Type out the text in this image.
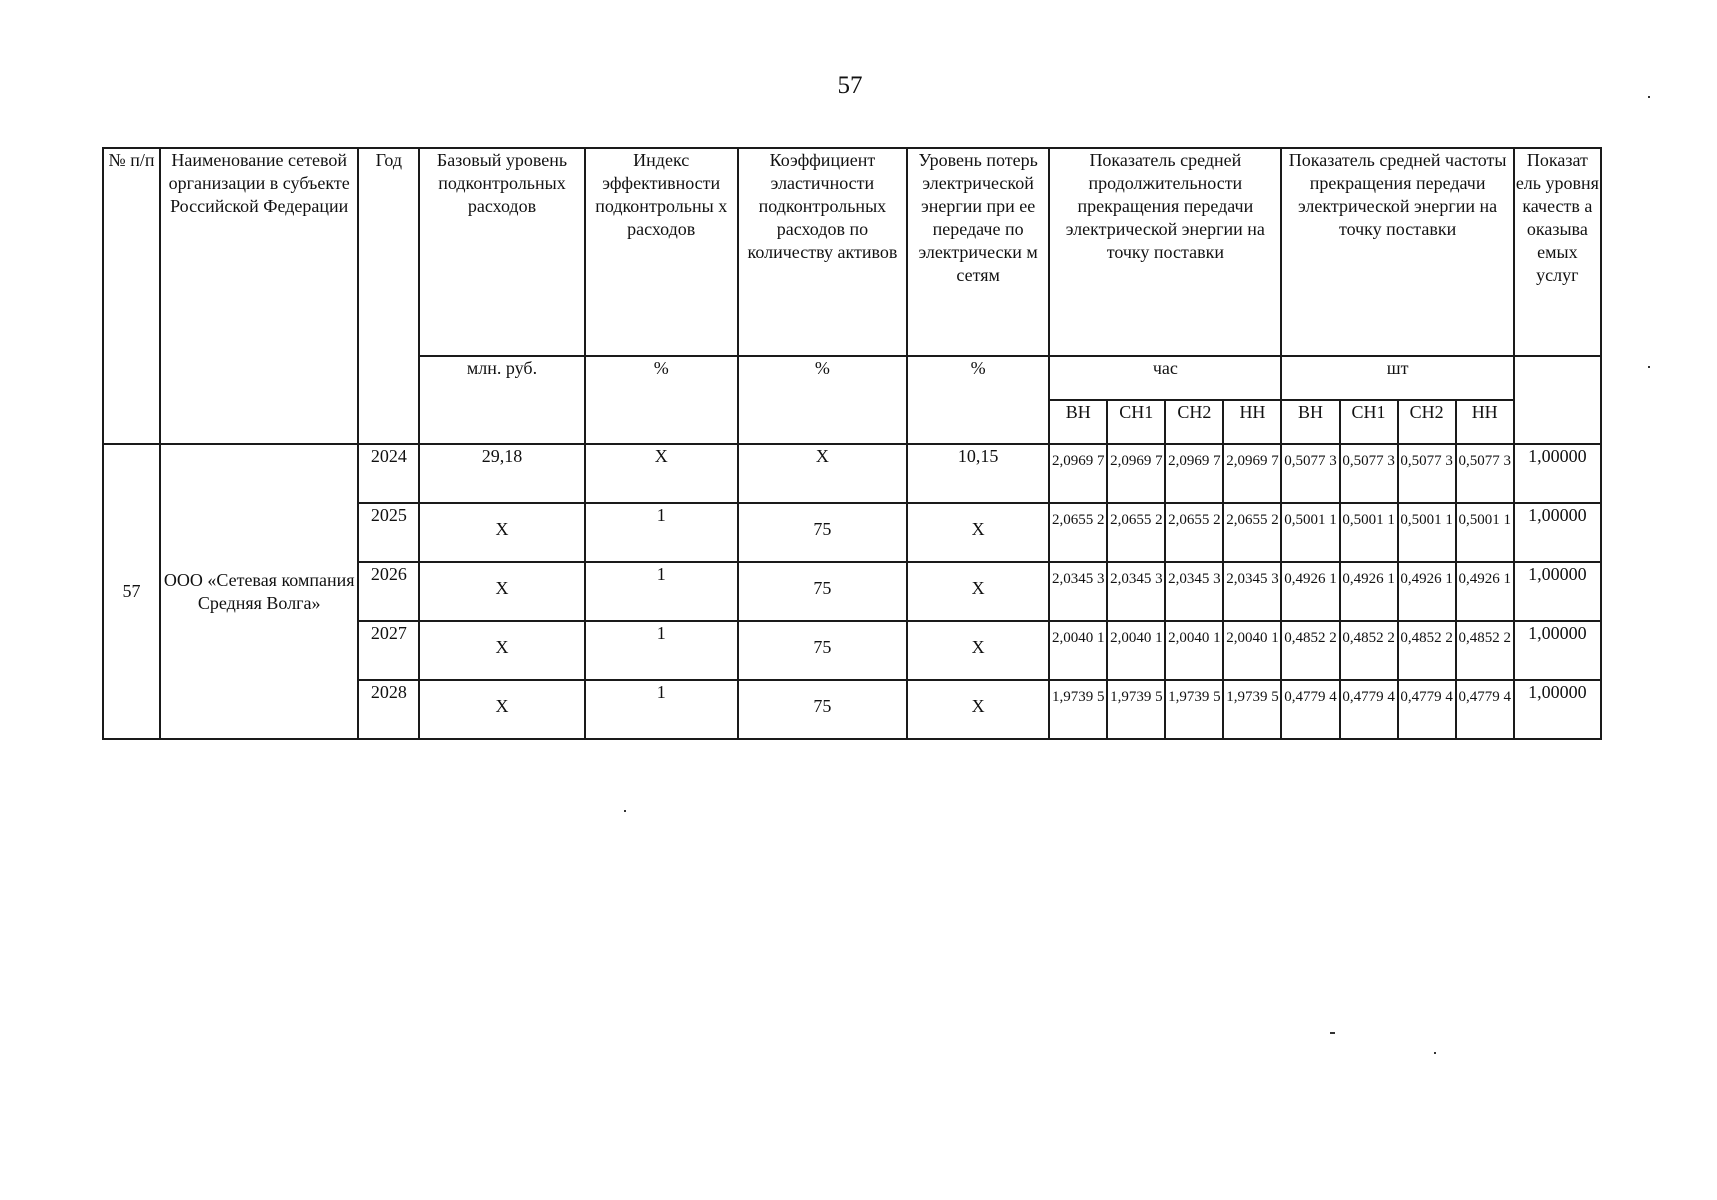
57
№ п/п	Наименование сетевой организации в субъекте Российской Федерации	Год	Базовый уровень подконтрольных расходов	Индекс эффективности подконтрольны х расходов	Коэффициент эластичности подконтрольных расходов по количеству активов	Уровень потерь электрической энергии при ее передаче по электрически м сетям	Показатель средней продолжительности прекращения передачи электрической энергии на точку поставки				Показатель средней частоты прекращения передачи электрической энергии на точку поставки				Показат ель уровня качеств а оказыва емых услуг
			млн. руб.	%	%	%	час				шт				
							ВН	СН1	СН2	НН	ВН	СН1	СН2	НН	
57	ООО «Сетевая компания Средняя Волга»	2024	29,18	X	X	10,15	2,0969 7	2,0969 7	2,0969 7	2,0969 7	0,5077 3	0,5077 3	0,5077 3	0,5077 3	1,00000
		2025	X	1	75	X	2,0655 2	2,0655 2	2,0655 2	2,0655 2	0,5001 1	0,5001 1	0,5001 1	0,5001 1	1,00000
		2026	X	1	75	X	2,0345 3	2,0345 3	2,0345 3	2,0345 3	0,4926 1	0,4926 1	0,4926 1	0,4926 1	1,00000
		2027	X	1	75	X	2,0040 1	2,0040 1	2,0040 1	2,0040 1	0,4852 2	0,4852 2	0,4852 2	0,4852 2	1,00000
		2028	X	1	75	X	1,9739 5	1,9739 5	1,9739 5	1,9739 5	0,4779 4	0,4779 4	0,4779 4	0,4779 4	1,00000
